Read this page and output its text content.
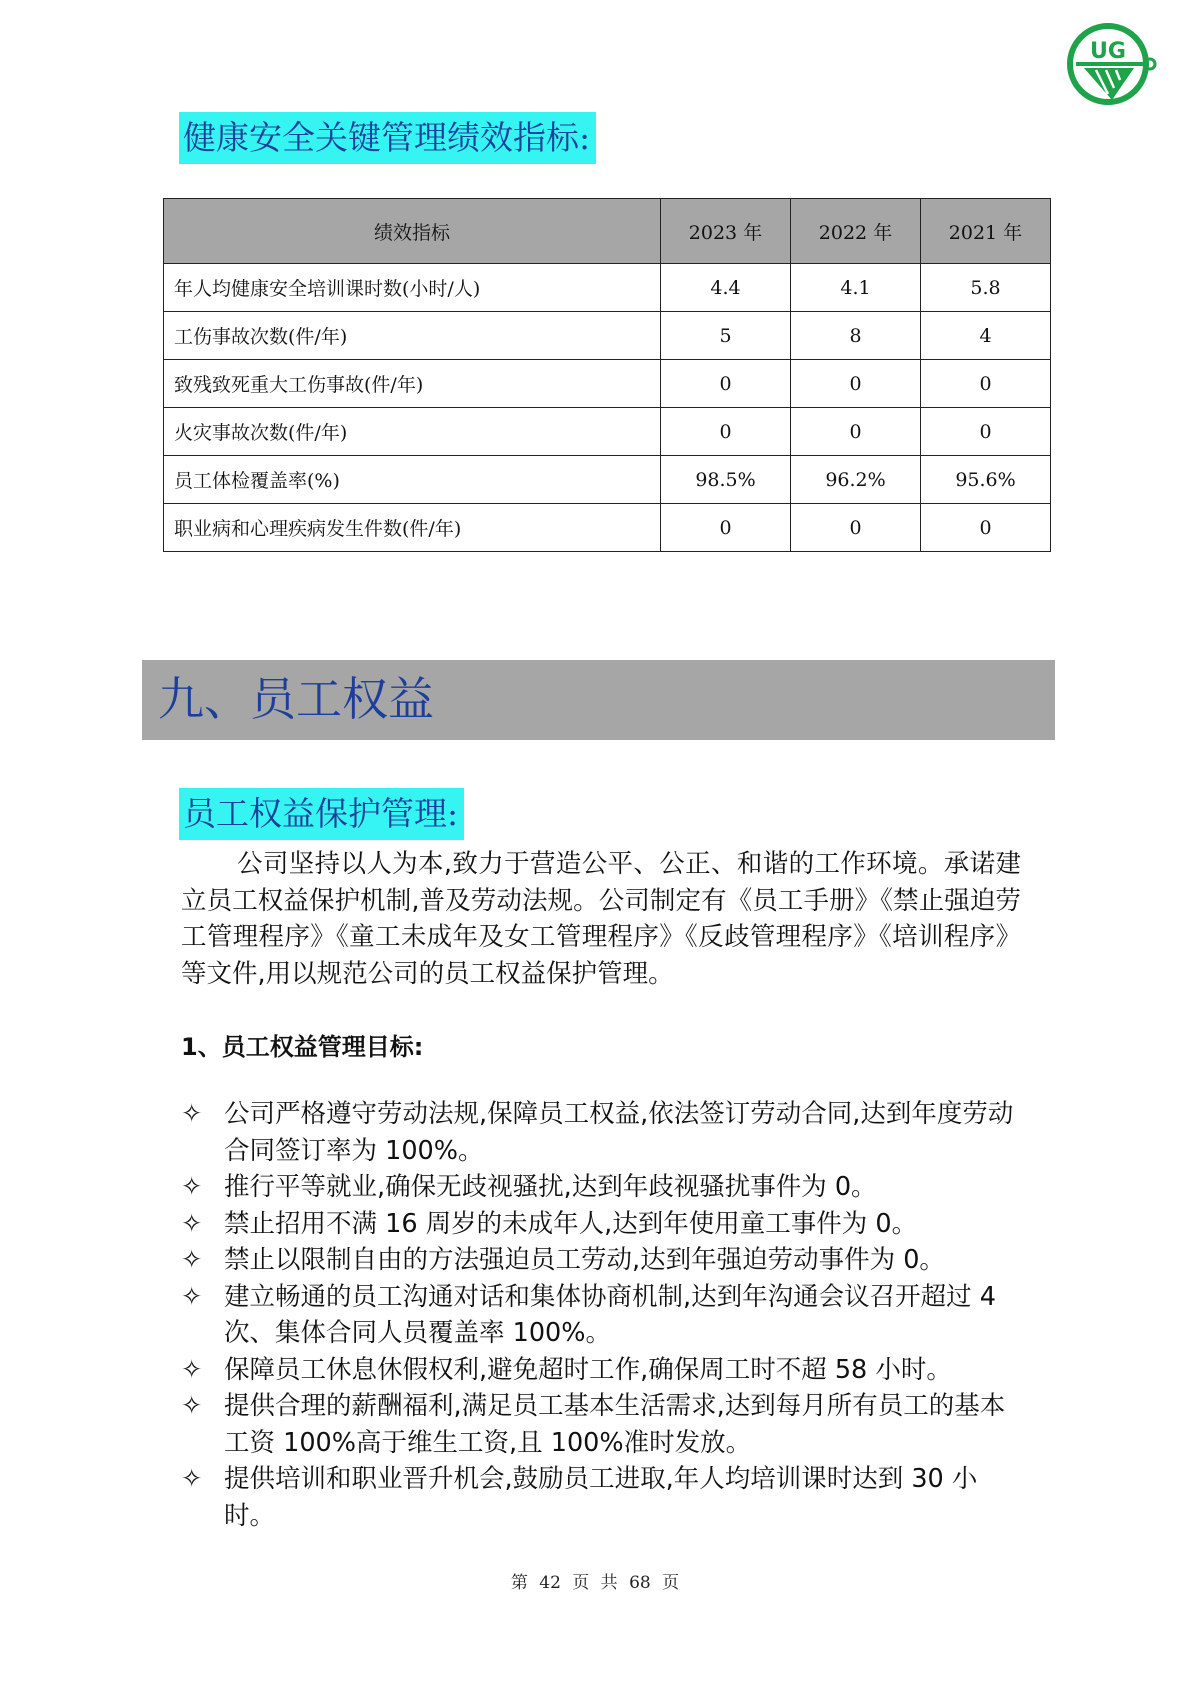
UG
健康安全关键管理绩效指标:
绩效指标	2023 年	2022 年	2021 年
年人均健康安全培训课时数(小时/人)	4.4	4.1	5.8
工伤事故次数(件/年)	5	8	4
致残致死重大工伤事故(件/年)	0	0	0
火灾事故次数(件/年)	0	0	0
员工体检覆盖率(%)	98.5%	96.2%	95.6%
职业病和心理疾病发生件数(件/年)	0	0	0
九、员工权益
员工权益保护管理:
公司坚持以人为本,致力于营造公平、公正、和谐的工作环境。承诺建立员工权益保护机制,普及劳动法规。公司制定有《员工手册》《禁止强迫劳工管理程序》《童工未成年及女工管理程序》《反歧管理程序》《培训程序》等文件,用以规范公司的员工权益保护管理。
1、员工权益管理目标:
✧ 公司严格遵守劳动法规,保障员工权益,依法签订劳动合同,达到年度劳动合同签订率为 100%。
✧ 推行平等就业,确保无歧视骚扰,达到年歧视骚扰事件为 0。
✧ 禁止招用不满 16 周岁的未成年人,达到年使用童工事件为 0。
✧ 禁止以限制自由的方法强迫员工劳动,达到年强迫劳动事件为 0。
✧ 建立畅通的员工沟通对话和集体协商机制,达到年沟通会议召开超过 4 次、集体合同人员覆盖率 100%。
✧ 保障员工休息休假权利,避免超时工作,确保周工时不超 58 小时。
✧ 提供合理的薪酬福利,满足员工基本生活需求,达到每月所有员工的基本工资 100%高于维生工资,且 100%准时发放。
✧ 提供培训和职业晋升机会,鼓励员工进取,年人均培训课时达到 30 小时。
第 42 页 共 68 页
